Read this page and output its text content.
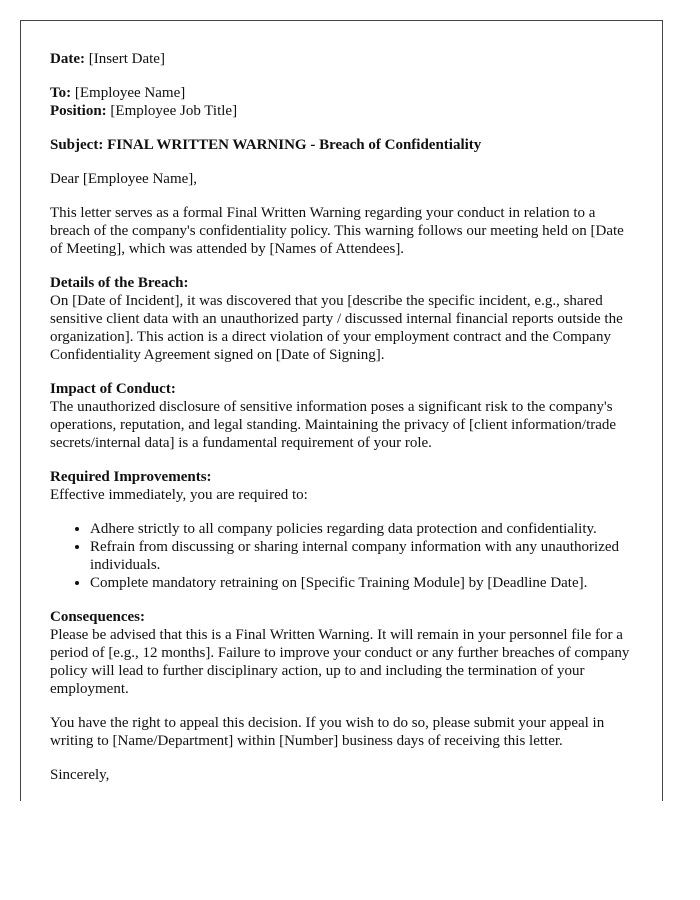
Date: [Insert Date]

To: [Employee Name]
Position: [Employee Job Title]

Subject: FINAL WRITTEN WARNING - Breach of Confidentiality

Dear [Employee Name],

This letter serves as a formal Final Written Warning regarding your conduct in relation to a breach of the company's confidentiality policy. This warning follows our meeting held on [Date of Meeting], which was attended by [Names of Attendees].

Details of the Breach:
On [Date of Incident], it was discovered that you [describe the specific incident, e.g., shared sensitive client data with an unauthorized party / discussed internal financial reports outside the organization]. This action is a direct violation of your employment contract and the Company Confidentiality Agreement signed on [Date of Signing].

Impact of Conduct:
The unauthorized disclosure of sensitive information poses a significant risk to the company's operations, reputation, and legal standing. Maintaining the privacy of [client information/trade secrets/internal data] is a fundamental requirement of your role.

Required Improvements:
Effective immediately, you are required to:

• Adhere strictly to all company policies regarding data protection and confidentiality.
• Refrain from discussing or sharing internal company information with any unauthorized individuals.
• Complete mandatory retraining on [Specific Training Module] by [Deadline Date].

Consequences:
Please be advised that this is a Final Written Warning. It will remain in your personnel file for a period of [e.g., 12 months]. Failure to improve your conduct or any further breaches of company policy will lead to further disciplinary action, up to and including the termination of your employment.

You have the right to appeal this decision. If you wish to do so, please submit your appeal in writing to [Name/Department] within [Number] business days of receiving this letter.

Sincerely,
